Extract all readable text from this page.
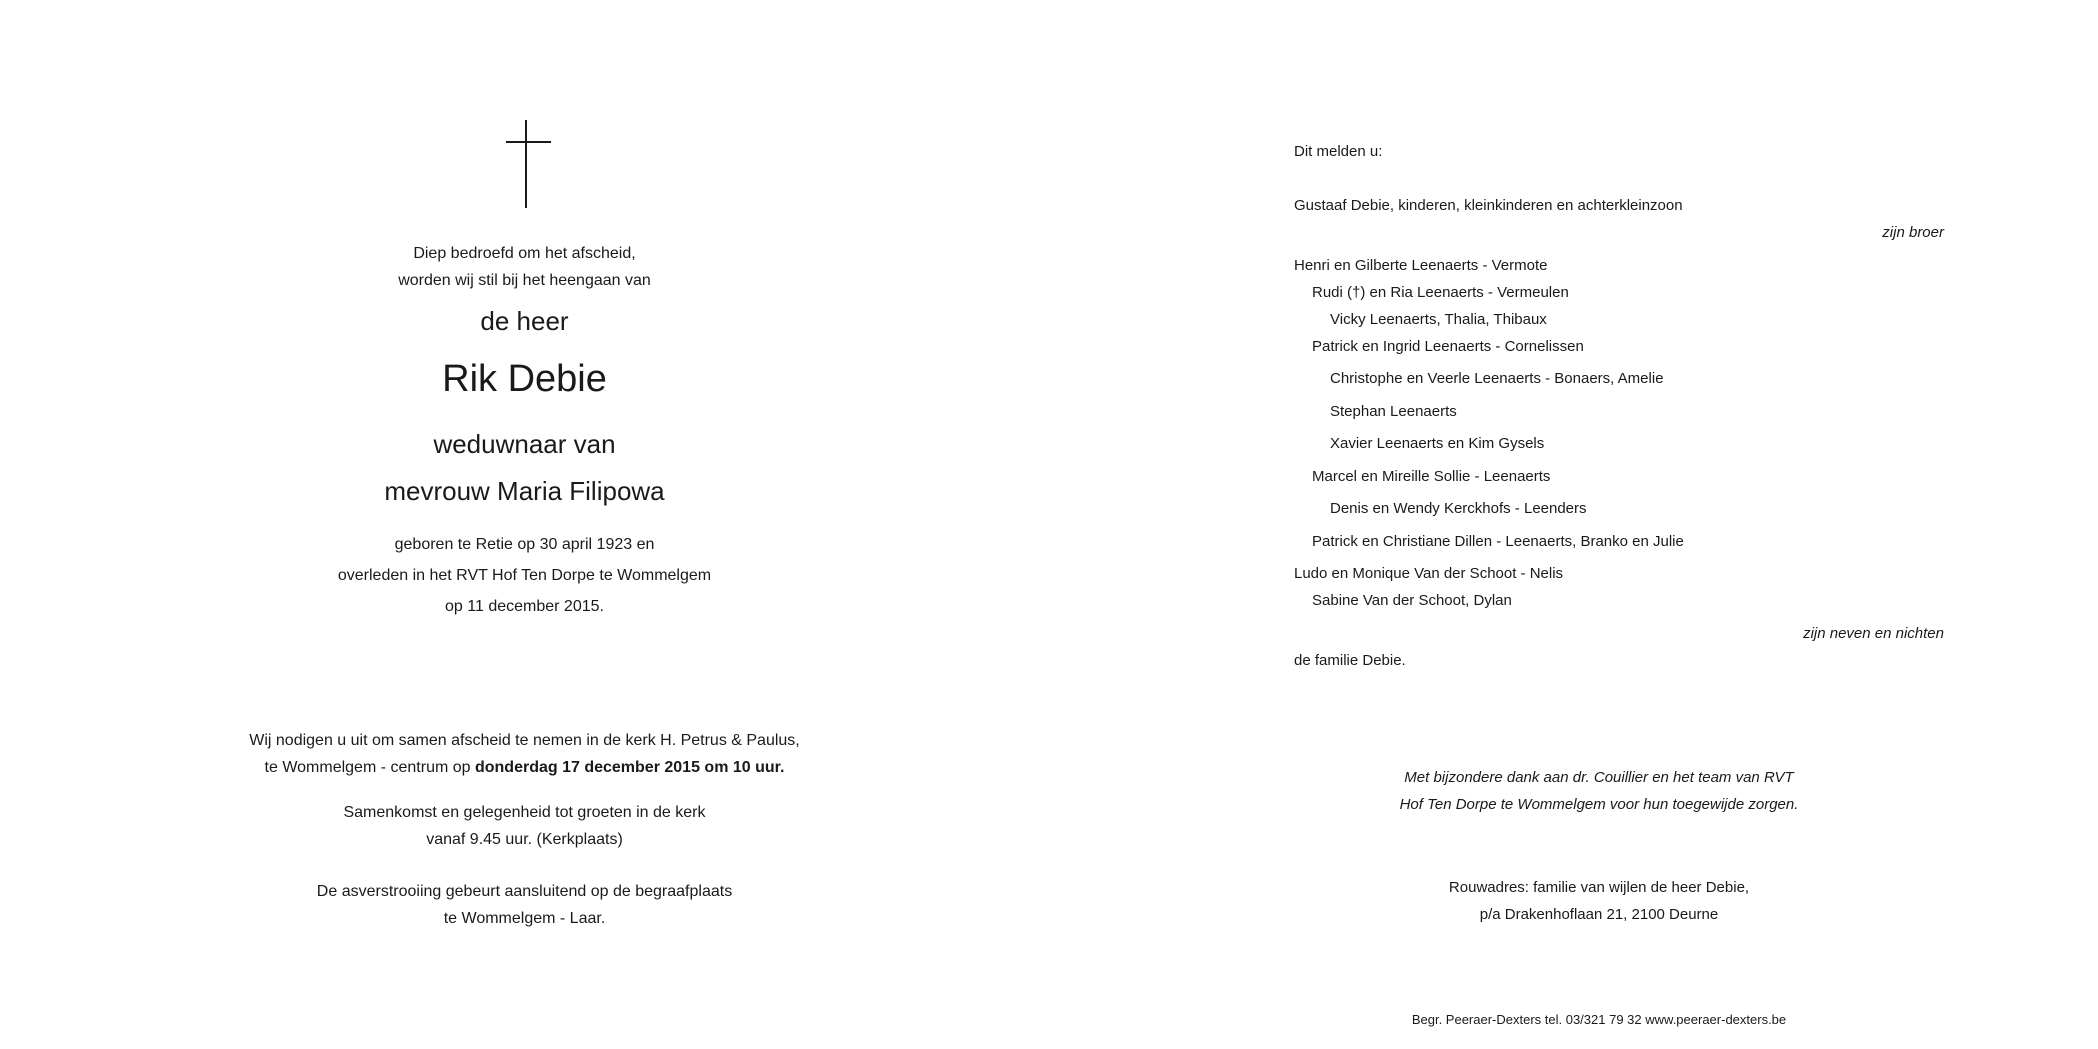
Diep bedroefd om het afscheid,
worden wij stil bij het heengaan van
de heer
Rik Debie
weduwnaar van
mevrouw Maria Filipowa
geboren te Retie op 30 april 1923 en
overleden in het RVT Hof Ten Dorpe te Wommelgem
op 11 december 2015.
Wij nodigen u uit om samen afscheid te nemen in de kerk H. Petrus & Paulus,
te Wommelgem - centrum op donderdag 17 december 2015 om 10 uur.
Samenkomst en gelegenheid tot groeten in de kerk
vanaf 9.45 uur. (Kerkplaats)
De asverstrooiing gebeurt aansluitend op de begraafplaats
te Wommelgem - Laar.
Dit melden u:
Gustaaf Debie, kinderen, kleinkinderen en achterkleinzoon
zijn broer
Henri en Gilberte Leenaerts - Vermote
Rudi (†) en Ria Leenaerts - Vermeulen
Vicky Leenaerts, Thalia, Thibaux
Patrick en Ingrid Leenaerts - Cornelissen
Christophe en Veerle Leenaerts - Bonaers, Amelie
Stephan Leenaerts
Xavier Leenaerts en Kim Gysels
Marcel en Mireille Sollie - Leenaerts
Denis en Wendy Kerckhofs - Leenders
Patrick en Christiane Dillen - Leenaerts, Branko en Julie
Ludo en Monique Van der Schoot - Nelis
Sabine Van der Schoot, Dylan
zijn neven en nichten
de familie Debie.
Met bijzondere dank aan dr. Couillier en het team van RVT
Hof Ten Dorpe te Wommelgem voor hun toegewijde zorgen.
Rouwadres: familie van wijlen de heer Debie,
p/a Drakenhoflaan 21, 2100 Deurne
Begr. Peeraer-Dexters tel. 03/321 79 32 www.peeraer-dexters.be
